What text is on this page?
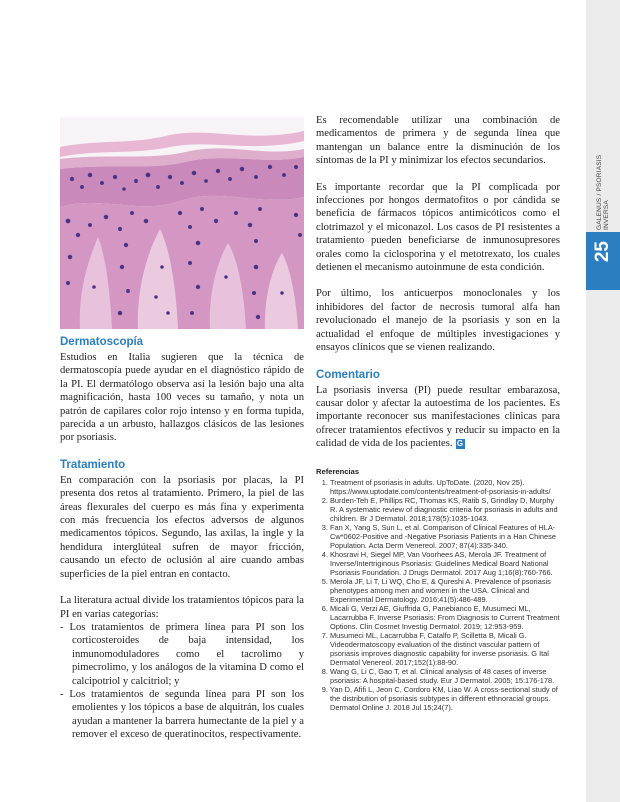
GALENUS / PSORIASIS INVERSA
25
Dermatoscopía

Estudios en Italia sugieren que la técnica de dermatoscopía puede ayudar en el diagnóstico rápido de la PI. El dermatólogo observa así la lesión bajo una alta magnificación, hasta 100 veces su tamaño, y nota un patrón de capilares color rojo intenso y en forma tupida, parecida a un arbusto, hallazgos clásicos de las lesiones por psoriasis.

Tratamiento

En comparación con la psoriasis por placas, la PI presenta dos retos al tratamiento. Primero, la piel de las áreas flexurales del cuerpo es más fina y experimenta con más frecuencia los efectos adversos de algunos medicamentos tópicos. Segundo, las axilas, la ingle y la hendidura interglúteal sufren de mayor fricción, causando un efecto de oclusión al aire cuando ambas superficies de la piel entran en contacto.

La literatura actual divide los tratamientos tópicos para la PI en varias categorías:

- Los tratamientos de primera línea para PI son los corticosteroides de baja intensidad, los inmunomoduladores como el tacrolimo y pimecrolimo, y los análogos de la vitamina D como el calcipotriol y calcitriol; y
- Los tratamientos de segunda línea para PI son los emolientes y los tópicos a base de alquitrán, los cuales ayudan a mantener la barrera humectante de la piel y a remover el exceso de queratinocitos, respectivamente.

Es recomendable utilizar una combinación de medicamentos de primera y de segunda línea que mantengan un balance entre la disminución de los síntomas de la PI y minimizar los efectos secundarios.

Es importante recordar que la PI complicada por infecciones por hongos dermatofitos o por cándida se beneficia de fármacos tópicos antimicóticos como el clotrimazol y el miconazol. Los casos de PI resistentes a tratamiento pueden beneficiarse de inmunosupresores orales como la ciclosporina y el metotrexato, los cuales detienen el mecanismo autoinmune de esta condición.

Por último, los anticuerpos monoclonales y los inhibidores del factor de necrosis tumoral alfa han revolucionado el manejo de la psoriasis y son en la actualidad el enfoque de múltiples investigaciones y ensayos clínicos que se vienen realizando.

Comentario

La psoriasis inversa (PI) puede resultar embarazosa, causar dolor y afectar la autoestima de los pacientes. Es importante reconocer sus manifestaciones clínicas para ofrecer tratamientos efectivos y reducir su impacto en la calidad de vida de los pacientes. G

Referencias
1. Treatment of psoriasis in adults. UpToDate. (2020, Nov 25). https://www.uptodate.com/contents/treatment-of-psoriasis-in-adults/
2. Burden-Teh E, Phillips RC, Thomas KS, Ratib S, Grindlay D, Murphy R. A systematic review of diagnostic criteria for psoriasis in adults and children. Br J Dermatol. 2018;178(5):1035-1043.
3. Fan X, Yang S, Sun L, et al. Comparison of Clinical Features of HLA-Cw*0602-Positive and -Negative Psoriasis Patients in a Han Chinese Population. Acta Derm Venereol. 2007; 87(4):335-340.
4. Khosravi H, Siegel MP, Van Voorhees AS, Merola JF. Treatment of Inverse/Intertriginous Psoriasis: Guidelines Medical Board National Psoriasis Foundation. J Drugs Dermatol. 2017 Aug 1;16(8):760-766.
5. Merola JF, Li T, Li WQ, Cho E, & Qureshi A. Prevalence of psoriasis phenotypes among men and women in the USA. Clinical and Experimental Dermatology. 2016;41(5):486-489.
6. Micali G, Verzi AE, Giuffrida G, Panebianco E, Musumeci ML, Lacarrubba F. Inverse Psoriasis: From Diagnosis to Current Treatment Options. Clin Cosmet Investig Dermatol. 2019; 12:953-959.
7. Musumeci ML, Lacarrubba F, Catalfo P, Scilletta B, Micali G. Videodermatoscopy evaluation of the distinct vascular pattern of psoriasis improves diagnostic capability for inverse psoriasis. G Ital Dermatol Venereol. 2017;152(1):88-90.
8. Wang G, Li C, Gao T, et al. Clinical analysis of 48 cases of inverse psoriasis: A hospital-based study. Eur J Dermatol. 2005; 15:176-178.
9. Yan D, Afifi L, Jeon C, Cordoro KM, Liao W. A cross-sectional study of the distribution of psoriasis subtypes in different ethnoracial groups. Dermatol Online J. 2018 Jul 15;24(7).
